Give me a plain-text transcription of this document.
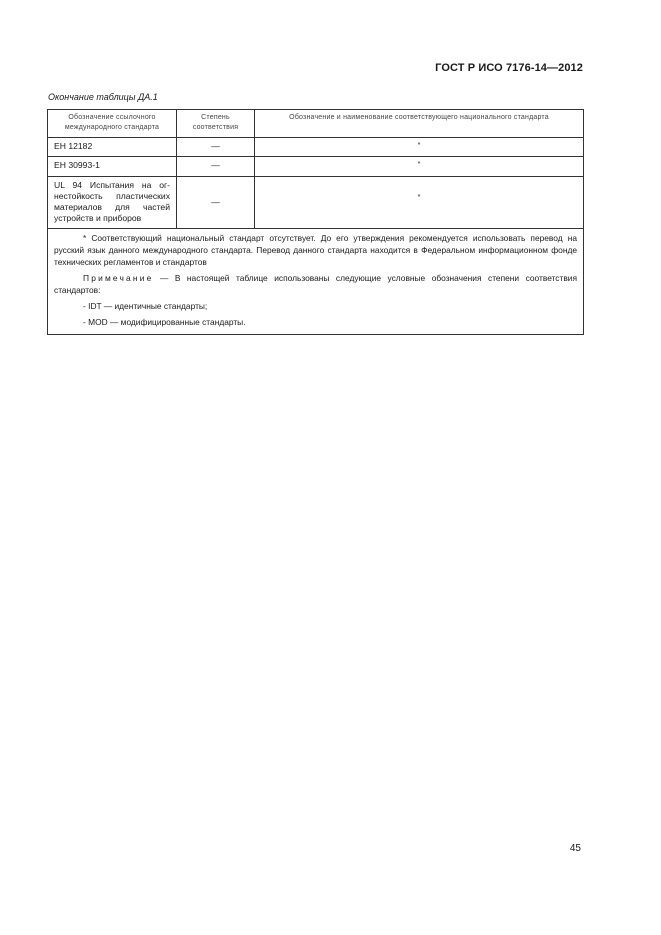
ГОСТ Р ИСО 7176-14—2012
Окончание таблицы ДА.1
Обозначение ссылочного международного стандарта	Степень соответствия	Обозначение и наименование соответствующего национального стандарта
ЕН 12182	—	*
ЕН 30993-1	—	*
UL 94 Испытания на огнестойкость пластических материалов для частей устройств и приборов	—	*

* Соответствующий национальный стандарт отсутствует. До его утверждения рекомендуется использовать перевод на русский язык данного международного стандарта. Перевод данного стандарта находится в Федеральном информационном фонде технических регламентов и стандартов

Примечание — В настоящей таблице использованы следующие условные обозначения степени соответствия стандартов:

- IDT — идентичные стандарты;

- MOD — модифицированные стандарты.		

45
